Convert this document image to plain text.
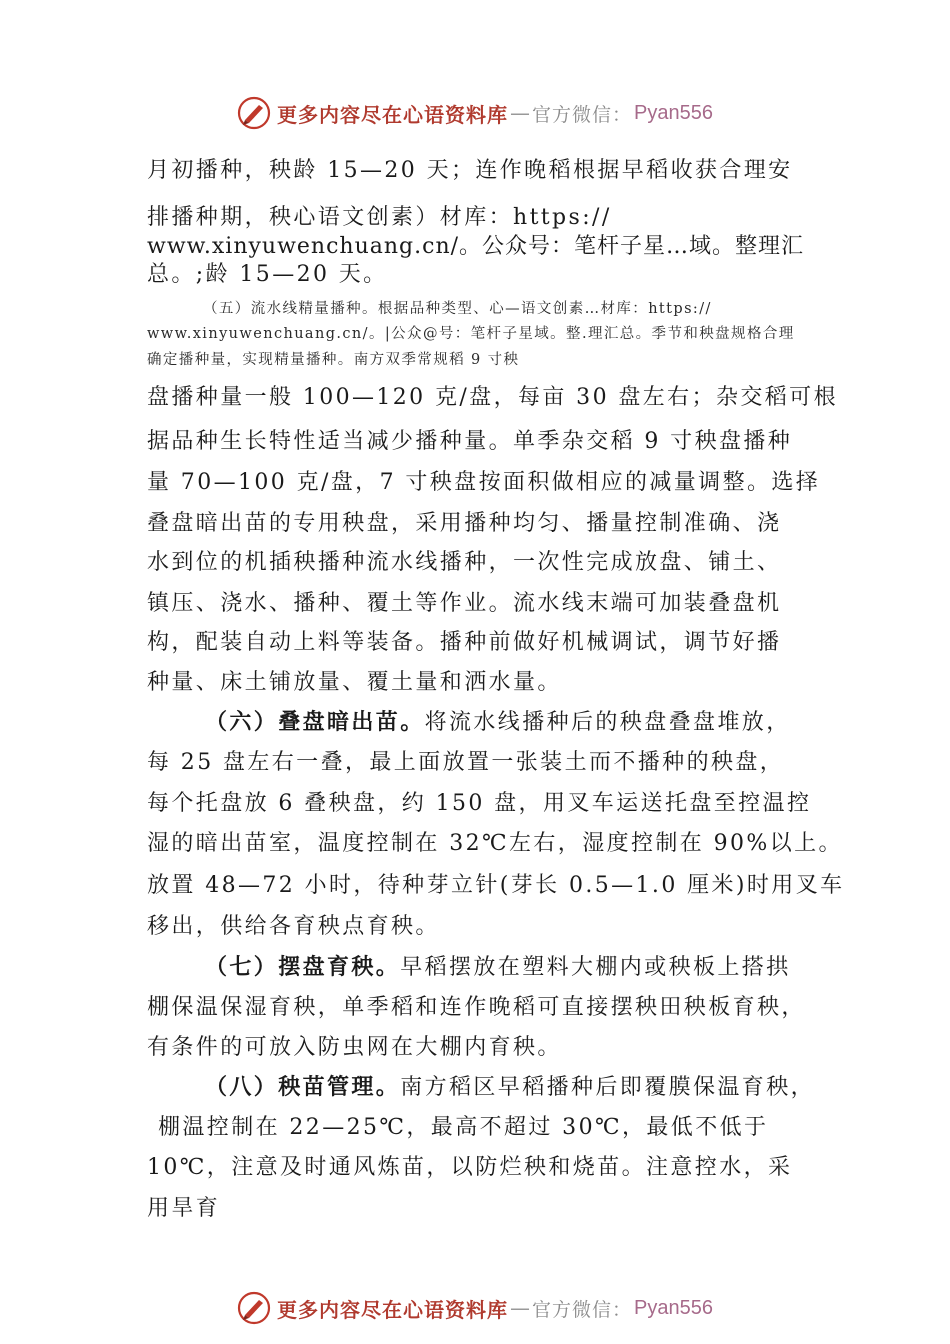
更多内容尽在心语资料库 — 官方微信： Pyan556
月初播种，秧龄 15—20 天；连作晚稻根据早稻收获合理安
排播种期，秧心语文创素）材库：https://
www.xinyuwenchuang.cn/。公众号：笔杆子星…域。整理汇
总。;龄 15—20 天。
（五）流水线精量播种。根据品种类型、心—语文创素…材库：https://
www.xinyuwenchuang.cn/。|公众@号：笔杆子星域。整.理汇总。季节和秧盘规格合理
确定播种量，实现精量播种。南方双季常规稻 9 寸秧
盘播种量一般 100—120 克/盘，每亩 30 盘左右；杂交稻可根
据品种生长特性适当减少播种量。单季杂交稻 9 寸秧盘播种
量 70—100 克/盘，7 寸秧盘按面积做相应的减量调整。选择
叠盘暗出苗的专用秧盘，采用播种均匀、播量控制准确、浇
水到位的机插秧播种流水线播种，一次性完成放盘、铺土、
镇压、浇水、播种、覆土等作业。流水线末端可加装叠盘机
构，配装自动上料等装备。播种前做好机械调试，调节好播
种量、床土铺放量、覆土量和洒水量。
（六）叠盘暗出苗。将流水线播种后的秧盘叠盘堆放，
每 25 盘左右一叠，最上面放置一张装土而不播种的秧盘，
每个托盘放 6 叠秧盘，约 150 盘，用叉车运送托盘至控温控
湿的暗出苗室，温度控制在 32℃左右，湿度控制在 90%以上。
放置 48—72 小时，待种芽立针(芽长 0.5—1.0 厘米)时用叉车
移出，供给各育秧点育秧。
（七）摆盘育秧。早稻摆放在塑料大棚内或秧板上搭拱
棚保温保湿育秧，单季稻和连作晚稻可直接摆秧田秧板育秧，
有条件的可放入防虫网在大棚内育秧。
（八）秧苗管理。南方稻区早稻播种后即覆膜保温育秧，
棚温控制在 22—25℃，最高不超过 30℃，最低不低于
10℃，注意及时通风炼苗，以防烂秧和烧苗。注意控水，采
用旱育
更多内容尽在心语资料库 — 官方微信： Pyan556
